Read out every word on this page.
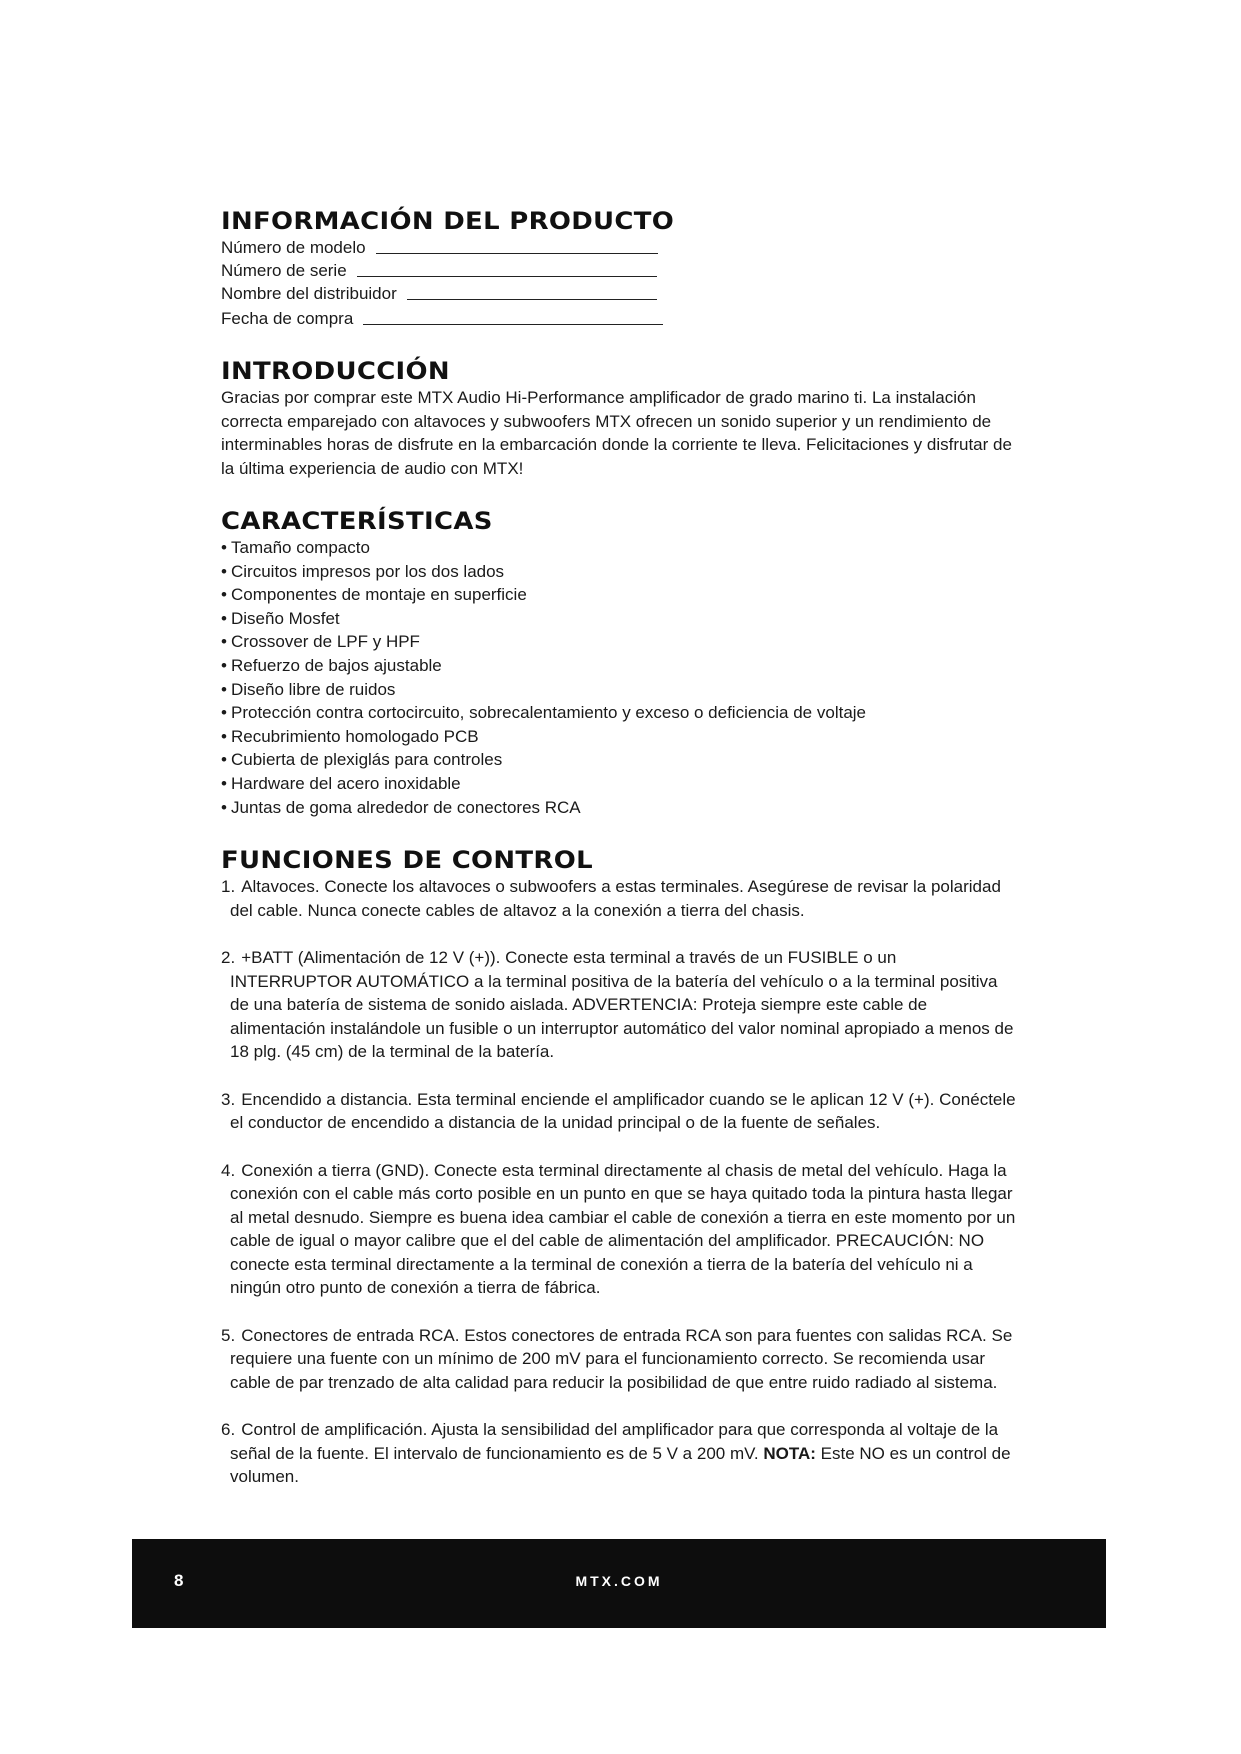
INFORMACIÓN DEL PRODUCTO
Número de modelo
Número de serie
Nombre del distribuidor
Fecha de compra
INTRODUCCIÓN

Gracias por comprar este MTX Audio Hi-Performance amplificador de grado marino ti. La instalación correcta emparejado con altavoces y subwoofers MTX ofrecen un sonido superior y un rendimiento de interminables horas de disfrute en la embarcación donde la corriente te lleva. Felicitaciones y disfrutar de la última experiencia de audio con MTX!

CARACTERÍSTICAS
• Tamaño compacto
• Circuitos impresos por los dos lados
• Componentes de montaje en superficie
• Diseño Mosfet
• Crossover de LPF y HPF
• Refuerzo de bajos ajustable
• Diseño libre de ruidos
• Protección contra cortocircuito, sobrecalentamiento y exceso o deficiencia de voltaje
• Recubrimiento homologado PCB
• Cubierta de plexiglás para controles
• Hardware del acero inoxidable
• Juntas de goma alrededor de conectores RCA
FUNCIONES DE CONTROL
1. Altavoces. Conecte los altavoces o subwoofers a estas terminales. Asegúrese de revisar la polaridad del cable. Nunca conecte cables de altavoz a la conexión a tierra del chasis.
2. +BATT (Alimentación de 12 V (+)). Conecte esta terminal a través de un FUSIBLE o un INTERRUPTOR AUTOMÁTICO a la terminal positiva de la batería del vehículo o a la terminal positiva de una batería de sistema de sonido aislada. ADVERTENCIA: Proteja siempre este cable de alimentación instalándole un fusible o un interruptor automático del valor nominal apropiado a menos de 18 plg. (45 cm) de la terminal de la batería.
3. Encendido a distancia. Esta terminal enciende el amplificador cuando se le aplican 12 V (+). Conéctele el conductor de encendido a distancia de la unidad principal o de la fuente de señales.
4. Conexión a tierra (GND). Conecte esta terminal directamente al chasis de metal del vehículo. Haga la conexión con el cable más corto posible en un punto en que se haya quitado toda la pintura hasta llegar al metal desnudo. Siempre es buena idea cambiar el cable de conexión a tierra en este momento por un cable de igual o mayor calibre que el del cable de alimentación del amplificador. PRECAUCIÓN: NO conecte esta terminal directamente a la terminal de conexión a tierra de la batería del vehículo ni a ningún otro punto de conexión a tierra de fábrica.
5. Conectores de entrada RCA. Estos conectores de entrada RCA son para fuentes con salidas RCA. Se requiere una fuente con un mínimo de 200 mV para el funcionamiento correcto. Se recomienda usar cable de par trenzado de alta calidad para reducir la posibilidad de que entre ruido radiado al sistema.
6. Control de amplificación. Ajusta la sensibilidad del amplificador para que corresponda al voltaje de la señal de la fuente. El intervalo de funcionamiento es de 5 V a 200 mV. NOTA: Este NO es un control de volumen.
8	MTX.COM
